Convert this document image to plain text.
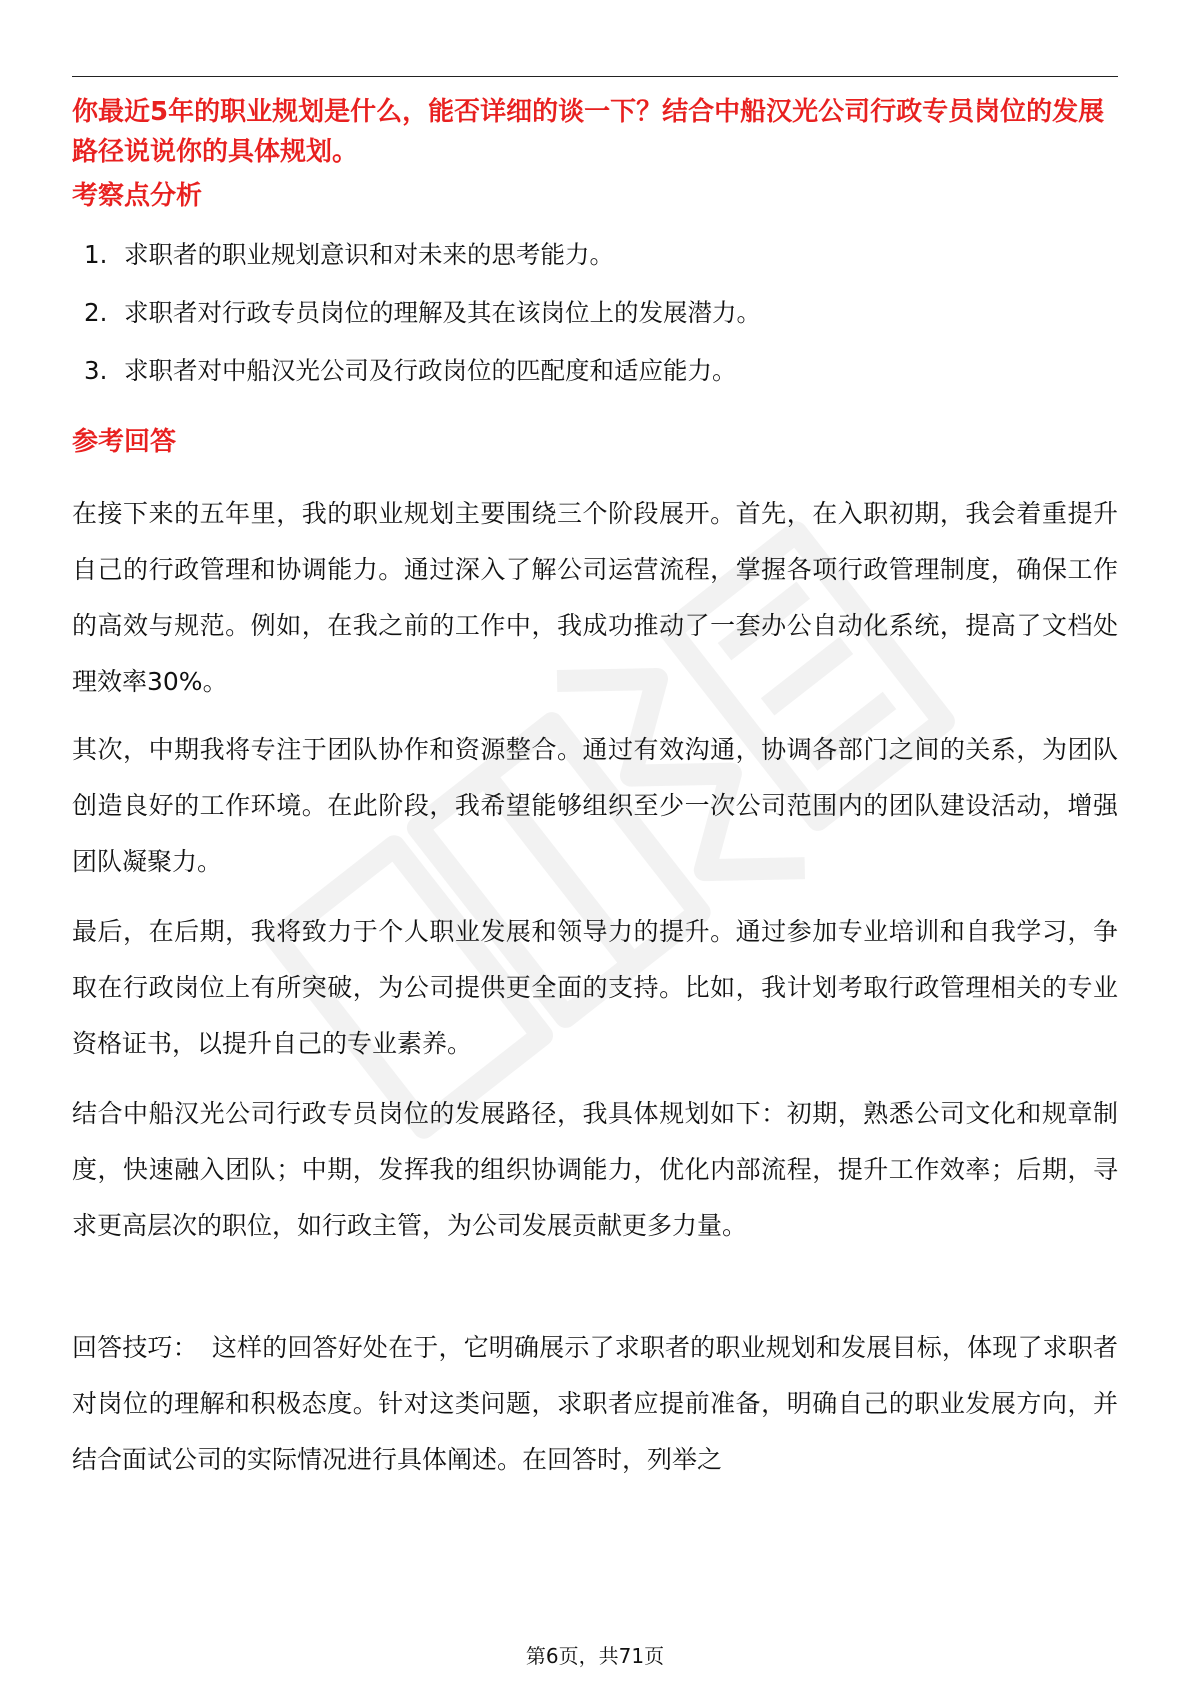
你最近5年的职业规划是什么，能否详细的谈一下？结合中船汉光公司行政专员岗位的发展路径说说你的具体规划。

考察点分析
1. 求职者的职业规划意识和对未来的思考能力。
2. 求职者对行政专员岗位的理解及其在该岗位上的发展潜力。
3. 求职者对中船汉光公司及行政岗位的匹配度和适应能力。
参考回答

在接下来的五年里，我的职业规划主要围绕三个阶段展开。首先，在入职初期，我会着重提升自己的行政管理和协调能力。通过深入了解公司运营流程，掌握各项行政管理制度，确保工作的高效与规范。例如，在我之前的工作中，我成功推动了一套办公自动化系统，提高了文档处理效率30%。

其次，中期我将专注于团队协作和资源整合。通过有效沟通，协调各部门之间的关系，为团队创造良好的工作环境。在此阶段，我希望能够组织至少一次公司范围内的团队建设活动，增强团队凝聚力。

最后，在后期，我将致力于个人职业发展和领导力的提升。通过参加专业培训和自我学习，争取在行政岗位上有所突破，为公司提供更全面的支持。比如，我计划考取行政管理相关的专业资格证书，以提升自己的专业素养。

结合中船汉光公司行政专员岗位的发展路径，我具体规划如下：初期，熟悉公司文化和规章制度，快速融入团队；中期，发挥我的组织协调能力，优化内部流程，提升工作效率；后期，寻求更高层次的职位，如行政主管，为公司发展贡献更多力量。

回答技巧： 这样的回答好处在于，它明确展示了求职者的职业规划和发展目标，体现了求职者对岗位的理解和积极态度。针对这类问题，求职者应提前准备，明确自己的职业发展方向，并结合面试公司的实际情况进行具体阐述。在回答时，列举之

第6页，共71页
